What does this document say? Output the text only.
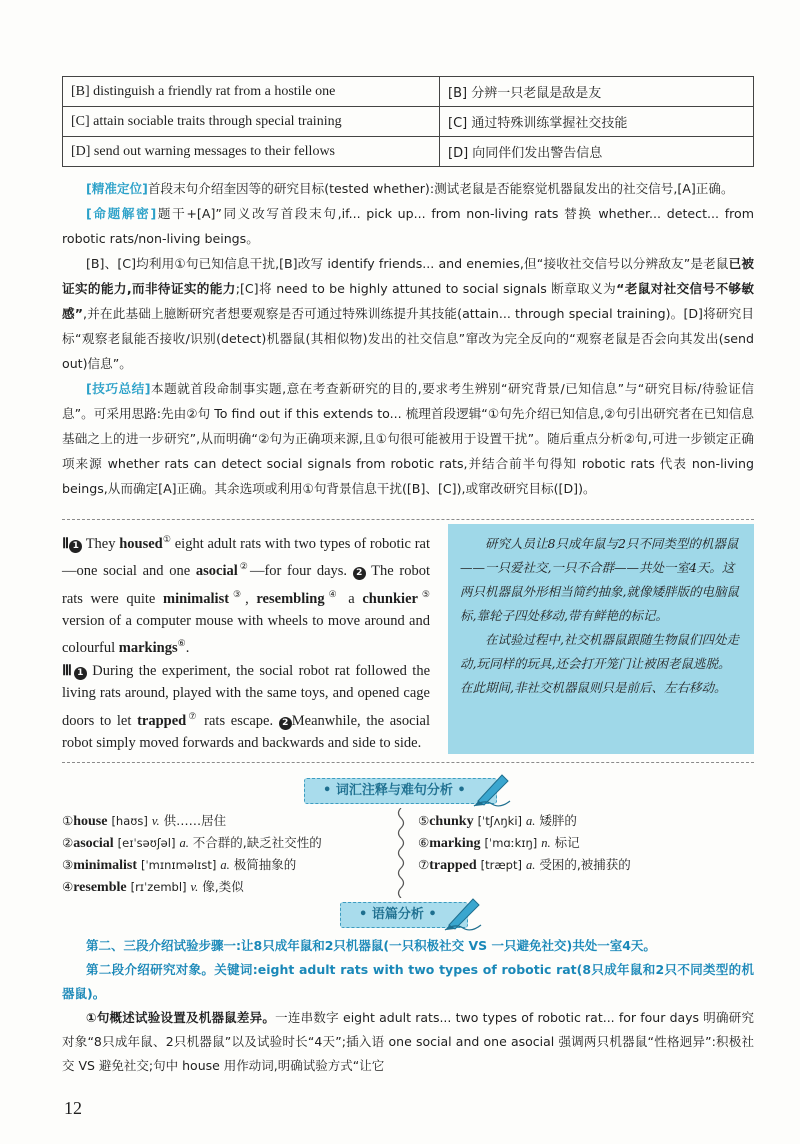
[B] distinguish a friendly rat from a hostile one	[B] 分辨一只老鼠是敌是友
[C] attain sociable traits through special training	[C] 通过特殊训练掌握社交技能
[D] send out warning messages to their fellows	[D] 向同伴们发出警告信息

[精准定位]首段末句介绍奎因等的研究目标(tested whether):测试老鼠是否能察觉机器鼠发出的社交信号,[A]正确。

[命题解密]题干+[A]”同义改写首段末句,if... pick up... from non-living rats 替换 whether... detect... from robotic rats/non-living beings。

[B]、[C]均利用①句已知信息干扰,[B]改写 identify friends... and enemies,但“接收社交信号以分辨敌友”是老鼠已被证实的能力,而非待证实的能力;[C]将 need to be highly attuned to social signals 断章取义为“老鼠对社交信号不够敏感”,并在此基础上臆断研究者想要观察是否可通过特殊训练提升其技能(attain... through special training)。[D]将研究目标“观察老鼠能否接收/识别(detect)机器鼠(其相似物)发出的社交信息”窜改为完全反向的“观察老鼠是否会向其发出(send out)信息”。

[技巧总结]本题就首段命制事实题,意在考查新研究的目的,要求考生辨别“研究背景/已知信息”与“研究目标/待验证信息”。可采用思路:先由②句 To find out if this extends to... 梳理首段逻辑“①句先介绍已知信息,②句引出研究者在已知信息基础之上的进一步研究”,从而明确“②句为正确项来源,且①句很可能被用于设置干扰”。随后重点分析②句,可进一步锁定正确项来源 whether rats can detect social signals from robotic rats,并结合前半句得知 robotic rats 代表 non-living beings,从而确定[A]正确。其余选项或利用①句背景信息干扰([B]、[C]),或窜改研究目标([D])。

Ⅱ 1 They housed① eight adult rats with two types of robotic rat—one social and one asocial②—for four days. 2 The robot rats were quite minimalist③, resembling④ a chunkier⑤ version of a computer mouse with wheels to move around and colourful markings⑥.

Ⅲ 1 During the experiment, the social robot rat followed the living rats around, played with the same toys, and opened cage doors to let trapped⑦ rats escape. 2 Meanwhile, the asocial robot simply moved forwards and backwards and side to side.

研究人员让8只成年鼠与2只不同类型的机器鼠——一只爱社交,一只不合群——共处一室4天。这两只机器鼠外形相当简约抽象,就像矮胖版的电脑鼠标,靠轮子四处移动,带有鲜艳的标记。

在试验过程中,社交机器鼠跟随生物鼠们四处走动,玩同样的玩具,还会打开笼门让被困老鼠逃脱。在此期间,非社交机器鼠则只是前后、左右移动。

• 词汇注释与难句分析 •
①house [haʊs] v. 供……居住
②asocial [eɪˈsəʊʃəl] a. 不合群的,缺乏社交性的
③minimalist [ˈmɪnɪməlɪst] a. 极简抽象的
④resemble [rɪˈzembl] v. 像,类似
⑤chunky [ˈtʃʌŋki] a. 矮胖的
⑥marking [ˈmɑːkɪŋ] n. 标记
⑦trapped [træpt] a. 受困的,被捕获的
• 语篇分析 •

第二、三段介绍试验步骤一:让8只成年鼠和2只机器鼠(一只积极社交 VS 一只避免社交)共处一室4天。

第二段介绍研究对象。关键词:eight adult rats with two types of robotic rat(8只成年鼠和2只不同类型的机器鼠)。

①句概述试验设置及机器鼠差异。一连串数字 eight adult rats... two types of robotic rat... for four days 明确研究对象“8只成年鼠、2只机器鼠”以及试验时长“4天”;插入语 one social and one asocial 强调两只机器鼠“性格迥异”:积极社交 VS 避免社交;句中 house 用作动词,明确试验方式“让它

12
